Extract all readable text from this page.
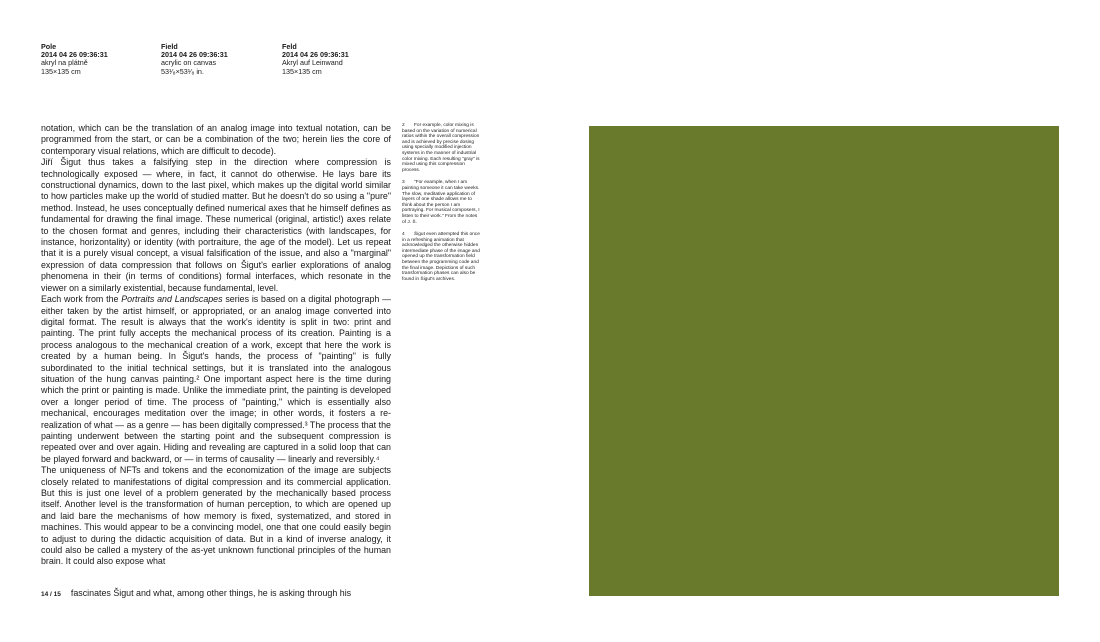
Pole
2014 04 26 09:36:31
akryl na plátně
135×135 cm
Field
2014 04 26 09:36:31
acrylic on canvas
53¹⁄₈×53¹⁄₈ in.
Feld
2014 04 26 09:36:31
Akryl auf Leinwand
135×135 cm

notation, which can be the translation of an analog image into textual notation, can be programmed from the start, or can be a combination of the two; herein lies the core of contemporary visual relations, which are difficult to decode).

Jiří Šigut thus takes a falsifying step in the direction where compression is technologically exposed — where, in fact, it cannot do otherwise. He lays bare its constructional dynamics, down to the last pixel, which makes up the digital world similar to how particles make up the world of studied matter. But he doesn't do so using a "pure" method. Instead, he uses conceptually defined numerical axes that he himself defines as fundamental for drawing the final image. These numerical (original, artistic!) axes relate to the chosen format and genres, including their characteristics (with landscapes, for instance, horizontality) or identity (with portraiture, the age of the model). Let us repeat that it is a purely visual concept, a visual falsification of the issue, and also a "marginal" expression of data compression that follows on Šigut's earlier explorations of analog phenomena in their (in terms of conditions) formal interfaces, which resonate in the viewer on a similarly existential, because fundamental, level.

Each work from the Portraits and Landscapes series is based on a digital photograph — either taken by the artist himself, or appropriated, or an analog image converted into digital format. The result is always that the work's identity is split in two: print and painting. The print fully accepts the mechanical process of its creation. Painting is a process analogous to the mechanical creation of a work, except that here the work is created by a human being. In Šigut's hands, the process of "painting" is fully subordinated to the initial technical settings, but it is translated into the analogous situation of the hung canvas painting.² One important aspect here is the time during which the print or painting is made. Unlike the immediate print, the painting is developed over a longer period of time. The process of "painting," which is essentially also mechanical, encourages meditation over the image; in other words, it fosters a re-realization of what — as a genre — has been digitally compressed.³ The process that the painting underwent between the starting point and the subsequent compression is repeated over and over again. Hiding and revealing are captured in a solid loop that can be played forward and backward, or — in terms of causality — linearly and reversibly.⁴

The uniqueness of NFTs and tokens and the economization of the image are subjects closely related to manifestations of digital compression and its commercial application. But this is just one level of a problem generated by the mechanically based process itself. Another level is the transformation of human perception, to which are opened up and laid bare the mechanisms of how memory is fixed, systematized, and stored in machines. This would appear to be a convincing model, one that one could easily begin to adjust to during the didactic acquisition of data. But in a kind of inverse analogy, it could also be called a mystery of the as-yet unknown functional principles of the human brain. It could also expose what

14 / 15 fascinates Šigut and what, among other things, he is asking through his
2 For example, color mixing is based on the variation of numerical ratios within the overall compression and is achieved by precise dosing using specially modified injection systems in the manner of industrial color mixing. Each resulting "gray" is mixed using this compression process.
3 "For example, when I am painting someone it can take weeks. The slow, meditative application of layers of one shade allows me to think about the person I am portraying. For musical composers, I listen to their work." From the notes of J. Š.
4 Šigut even attempted this once in a refreshing animation that acknowledged the otherwise hidden intermediate phase of the image and opened up the transformation field between the programming code and the final image. Depictions of such transformation phases can also be found in Šigut's archives.
